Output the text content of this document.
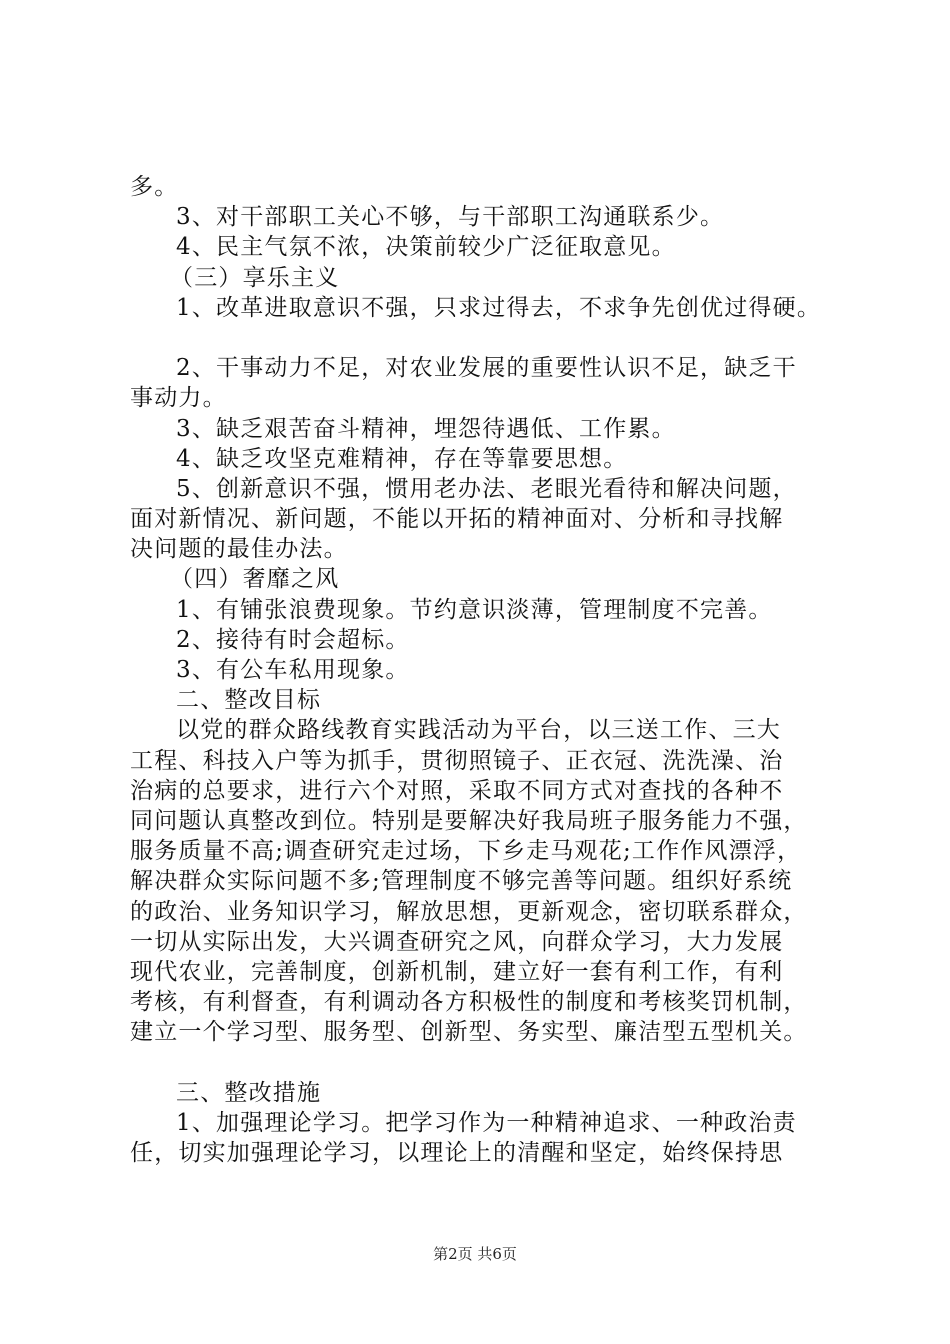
多。
3、对干部职工关心不够，与干部职工沟通联系少。
4、民主气氛不浓，决策前较少广泛征取意见。
（三）享乐主义
1、改革进取意识不强，只求过得去，不求争先创优过得硬。
2、干事动力不足，对农业发展的重要性认识不足，缺乏干
事动力。
3、缺乏艰苦奋斗精神，埋怨待遇低、工作累。
4、缺乏攻坚克难精神，存在等靠要思想。
5、创新意识不强，惯用老办法、老眼光看待和解决问题，
面对新情况、新问题，不能以开拓的精神面对、分析和寻找解
决问题的最佳办法。
（四）奢靡之风
1、有铺张浪费现象。节约意识淡薄，管理制度不完善。
2、接待有时会超标。
3、有公车私用现象。
二、整改目标
以党的群众路线教育实践活动为平台，以三送工作、三大
工程、科技入户等为抓手，贯彻照镜子、正衣冠、洗洗澡、治
治病的总要求，进行六个对照，采取不同方式对查找的各种不
同问题认真整改到位。特别是要解决好我局班子服务能力不强，
服务质量不高;调查研究走过场，下乡走马观花;工作作风漂浮，
解决群众实际问题不多;管理制度不够完善等问题。组织好系统
的政治、业务知识学习，解放思想，更新观念，密切联系群众，
一切从实际出发，大兴调查研究之风，向群众学习，大力发展
现代农业，完善制度，创新机制，建立好一套有利工作，有利
考核，有利督查，有利调动各方积极性的制度和考核奖罚机制，
建立一个学习型、服务型、创新型、务实型、廉洁型五型机关。
三、整改措施
1、加强理论学习。把学习作为一种精神追求、一种政治责
任，切实加强理论学习，以理论上的清醒和坚定，始终保持思
第2页 共6页
